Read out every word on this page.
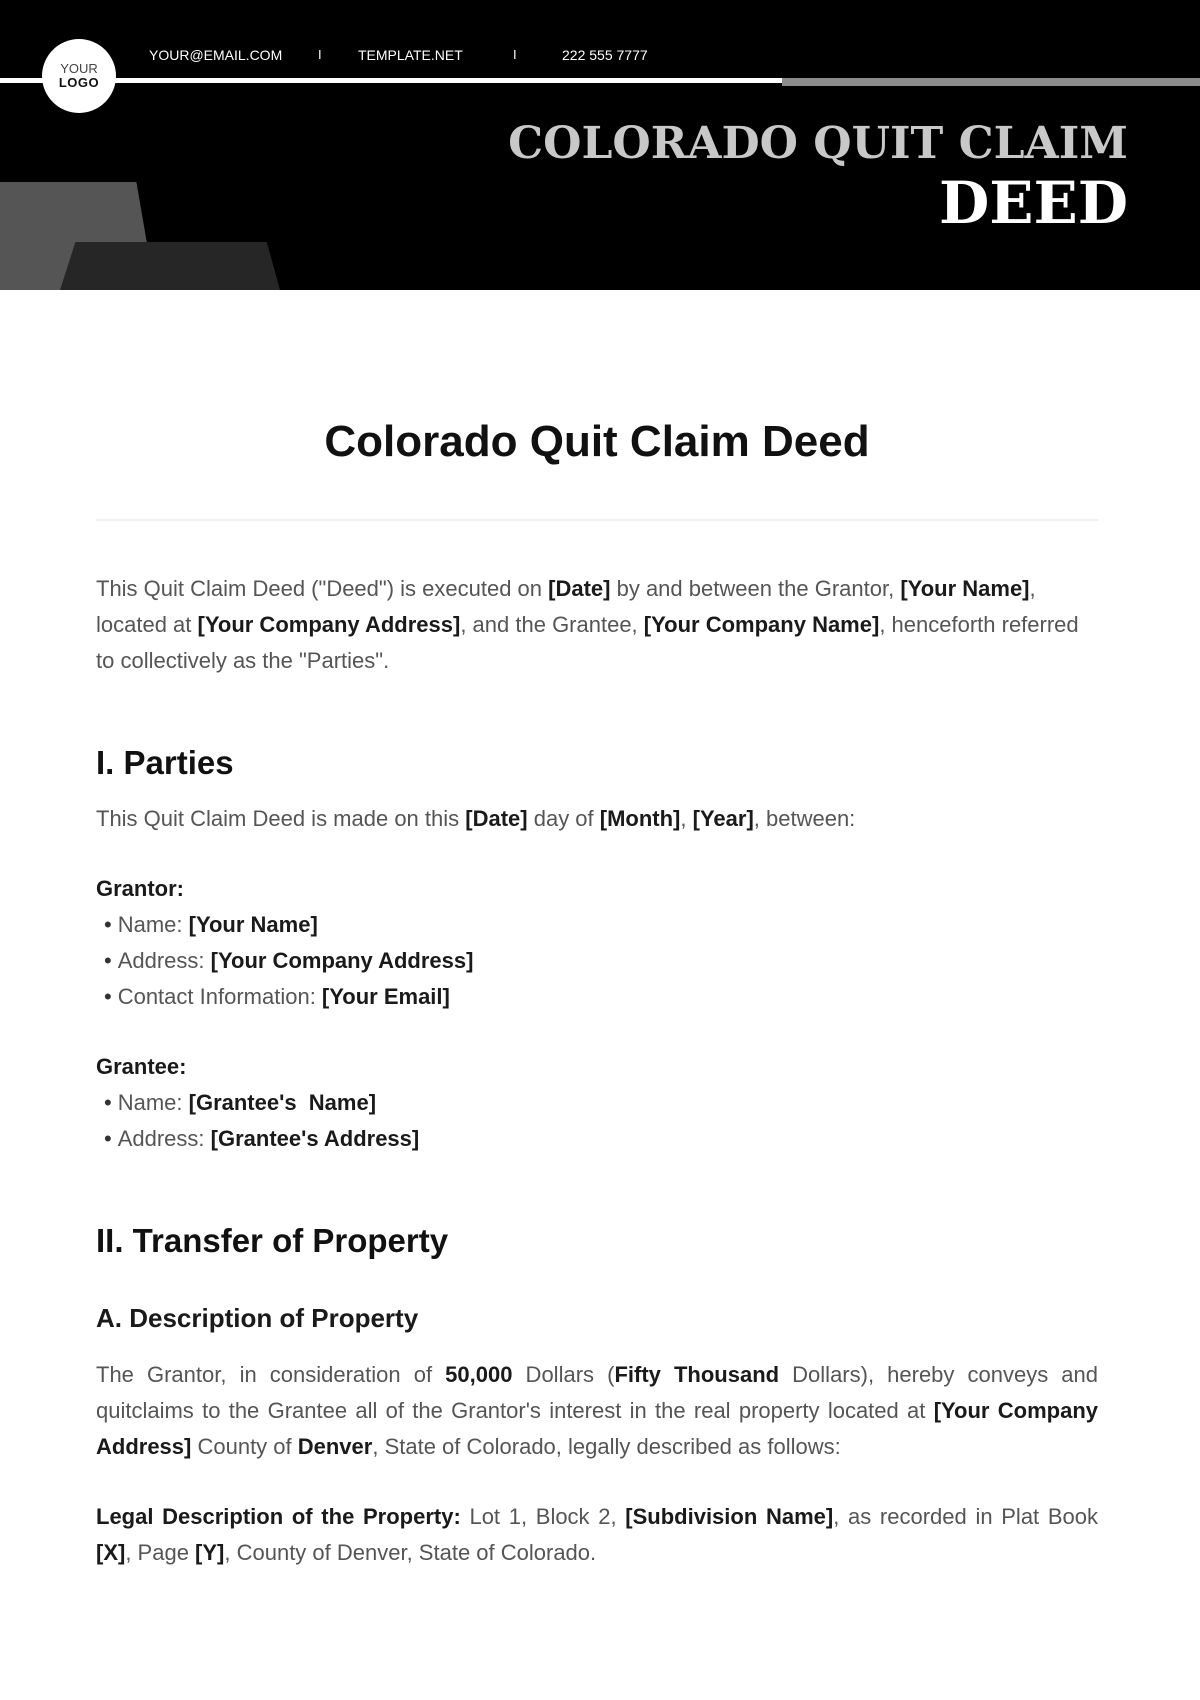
YOUR
LOGO
YOUR@EMAIL.COM	I	TEMPLATE.NET	I	222 555 7777
COLORADO QUIT CLAIM
DEED
Colorado Quit Claim Deed

This Quit Claim Deed ("Deed") is executed on [Date] by and between the Grantor, [Your Name], located at [Your Company Address], and the Grantee, [Your Company Name], henceforth referred to collectively as the "Parties".

I. Parties

This Quit Claim Deed is made on this [Date] day of [Month], [Year], between:

Grantor:
• Name: [Your Name]
• Address: [Your Company Address]
• Contact Information: [Your Email]
Grantee:
• Name: [Grantee's  Name]
• Address: [Grantee's Address]
II. Transfer of Property
A. Description of Property

The Grantor, in consideration of 50,000 Dollars (Fifty Thousand Dollars), hereby conveys and quitclaims to the Grantee all of the Grantor's interest in the real property located at [Your Company Address] County of Denver, State of Colorado, legally described as follows:

Legal Description of the Property: Lot 1, Block 2, [Subdivision Name], as recorded in Plat Book [X], Page [Y], County of Denver, State of Colorado.
